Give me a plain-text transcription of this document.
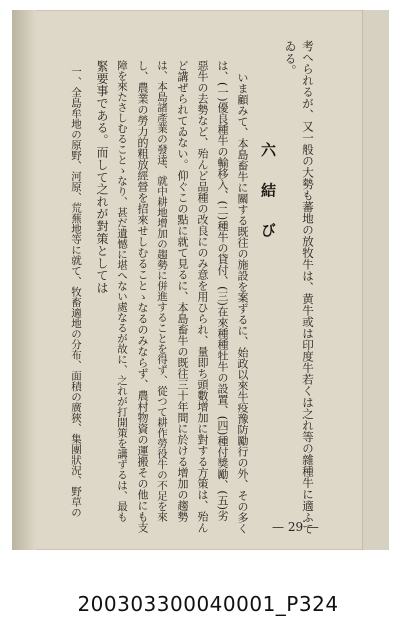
考へられるが、又一般の大勢も蕃地の放牧牛は、黄牛或は印度牛若くは之れ等の雜種牛に適ふて
ゐる。
六 結 び
いま顧みて、本島畜牛に關する既往の施設を案ずるに、始政以來牛疫豫防勵行の外、その多く
は、(一)優良種牛の輸移入、(二)種牛の貸付、(三)在來種種牡牛の設置、(四)種付獎勵、(五)劣
惡牛の去勢など、殆んど品種の改良にのみ意を用ひられ、量即ち頭數增加に對する方策は、殆ん
ど講ぜられてゐない。仰ぐこの點に就て見るに、本島畜牛の既往三十年間に於ける增加の趨勢
は、本島諸產業の發達、就中耕地增加の趨勢に併進することを得ず、從つて耕作勞役牛の不足を來
し、農業の勞力的粗放經營を招來せしむることゝなるのみならず、農村物資の運搬その他にも支
障を來たさしむることゝなり、甚だ遺憾に堪へない處なるが故に、之れが打開策を講ずるは、最も
緊要事である。而して之れが對策としては
一、全島牟地の原野、河原、荒蕪地等に就て、牧畜適地の分布、面積の廣狹、集團狀況、野草の
— 29 —
200303300040001_P324
